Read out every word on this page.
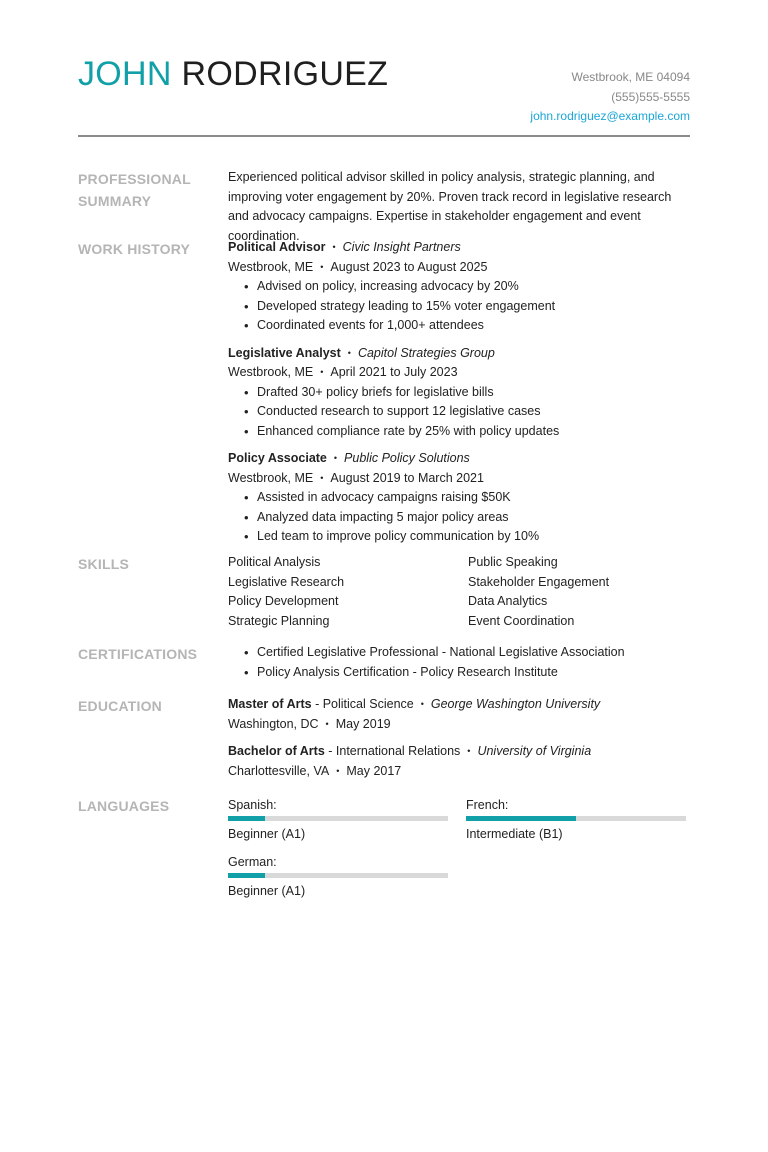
JOHN RODRIGUEZ	Westbrook, ME 04094
(555)555-5555
john.rodriguez@example.com
PROFESSIONAL SUMMARY
Experienced political advisor skilled in policy analysis, strategic planning, and improving voter engagement by 20%. Proven track record in legislative research and advocacy campaigns. Expertise in stakeholder engagement and event coordination.
WORK HISTORY	Political Advisor • Civic Insight Partners
Westbrook, ME • August 2023 to August 2025
• Advised on policy, increasing advocacy by 20%
• Developed strategy leading to 15% voter engagement
• Coordinated events for 1,000+ attendees
Legislative Analyst • Capitol Strategies Group
Westbrook, ME • April 2021 to July 2023
• Drafted 30+ policy briefs for legislative bills
• Conducted research to support 12 legislative cases
• Enhanced compliance rate by 25% with policy updates
Policy Associate • Public Policy Solutions
Westbrook, ME • August 2019 to March 2021
• Assisted in advocacy campaigns raising $50K
• Analyzed data impacting 5 major policy areas
• Led team to improve policy communication by 10%
SKILLS	Political Analysis	Public Speaking
Legislative Research	Stakeholder Engagement
Policy Development	Data Analytics
Strategic Planning	Event Coordination
CERTIFICATIONS
•	Certified Legislative Professional - National Legislative Association
• Policy Analysis Certification - Policy Research Institute
EDUCATION	Master of Arts - Political Science • George Washington University
Washington, DC • May 2019
Bachelor of Arts - International Relations • University of Virginia
Charlottesville, VA • May 2017
LANGUAGES	Spanish:
Beginner (A1)
French:
Intermediate (B1)
German:
Beginner (A1)
